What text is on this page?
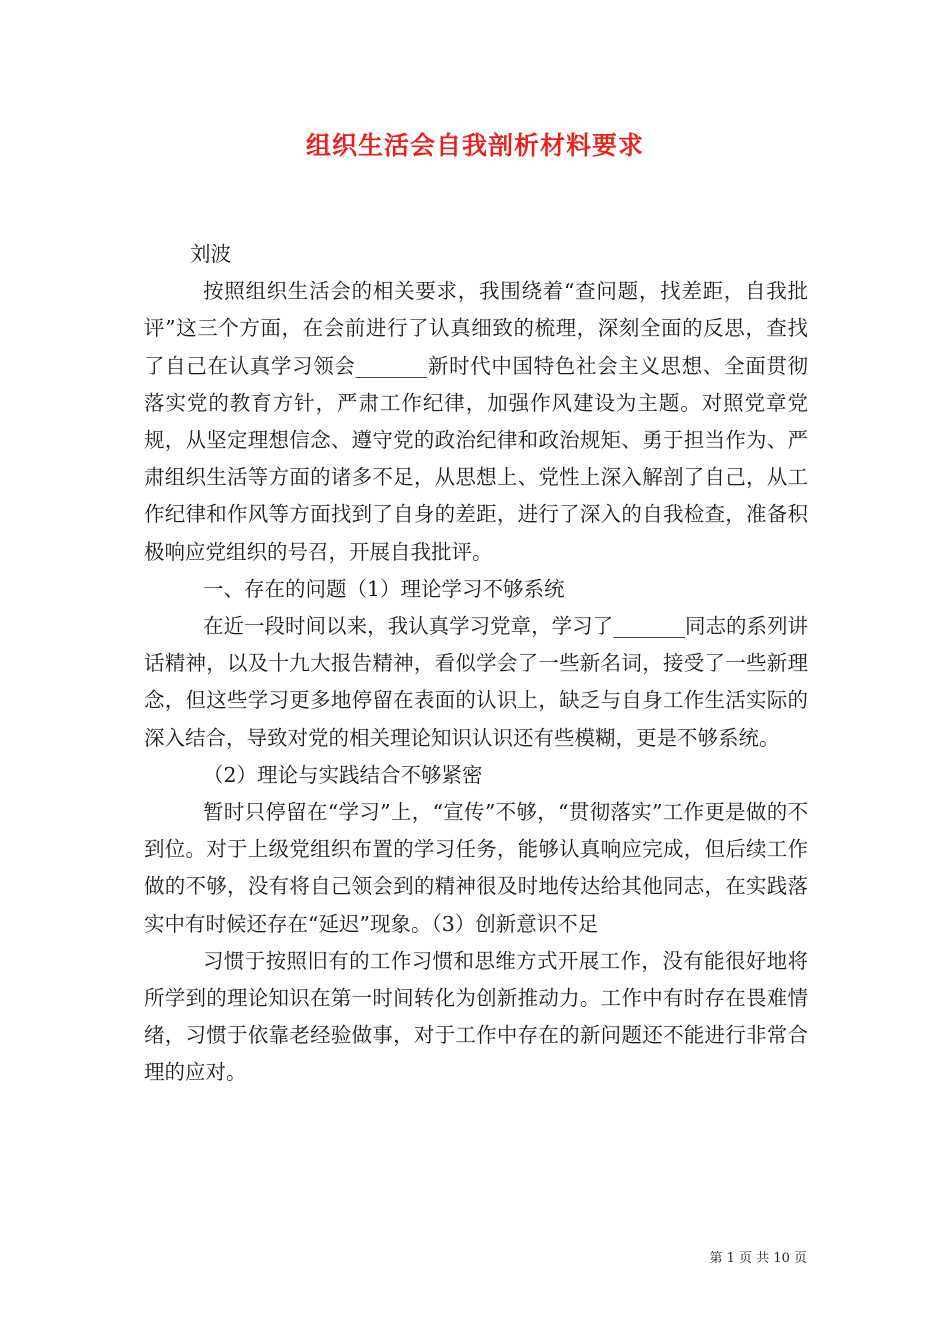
组织生活会自我剖析材料要求

刘波

按照组织生活会的相关要求，我围绕着“查问题，找差距，自我批评”这三个方面，在会前进行了认真细致的梳理，深刻全面的反思，查找了自己在认真学习领会_______新时代中国特色社会主义思想、全面贯彻落实党的教育方针，严肃工作纪律，加强作风建设为主题。对照党章党规，从坚定理想信念、遵守党的政治纪律和政治规矩、勇于担当作为、严肃组织生活等方面的诸多不足，从思想上、党性上深入解剖了自己，从工作纪律和作风等方面找到了自身的差距，进行了深入的自我检查，准备积极响应党组织的号召，开展自我批评。

一、存在的问题（1）理论学习不够系统

在近一段时间以来，我认真学习党章，学习了_______同志的系列讲话精神，以及十九大报告精神，看似学会了一些新名词，接受了一些新理念，但这些学习更多地停留在表面的认识上，缺乏与自身工作生活实际的深入结合，导致对党的相关理论知识认识还有些模糊，更是不够系统。

（2）理论与实践结合不够紧密

暂时只停留在“学习”上，“宣传”不够，“贯彻落实”工作更是做的不到位。对于上级党组织布置的学习任务，能够认真响应完成，但后续工作做的不够，没有将自己领会到的精神很及时地传达给其他同志，在实践落实中有时候还存在“延迟”现象。（3）创新意识不足

习惯于按照旧有的工作习惯和思维方式开展工作，没有能很好地将所学到的理论知识在第一时间转化为创新推动力。工作中有时存在畏难情绪，习惯于依靠老经验做事，对于工作中存在的新问题还不能进行非常合理的应对。

第 1 页 共 10 页
